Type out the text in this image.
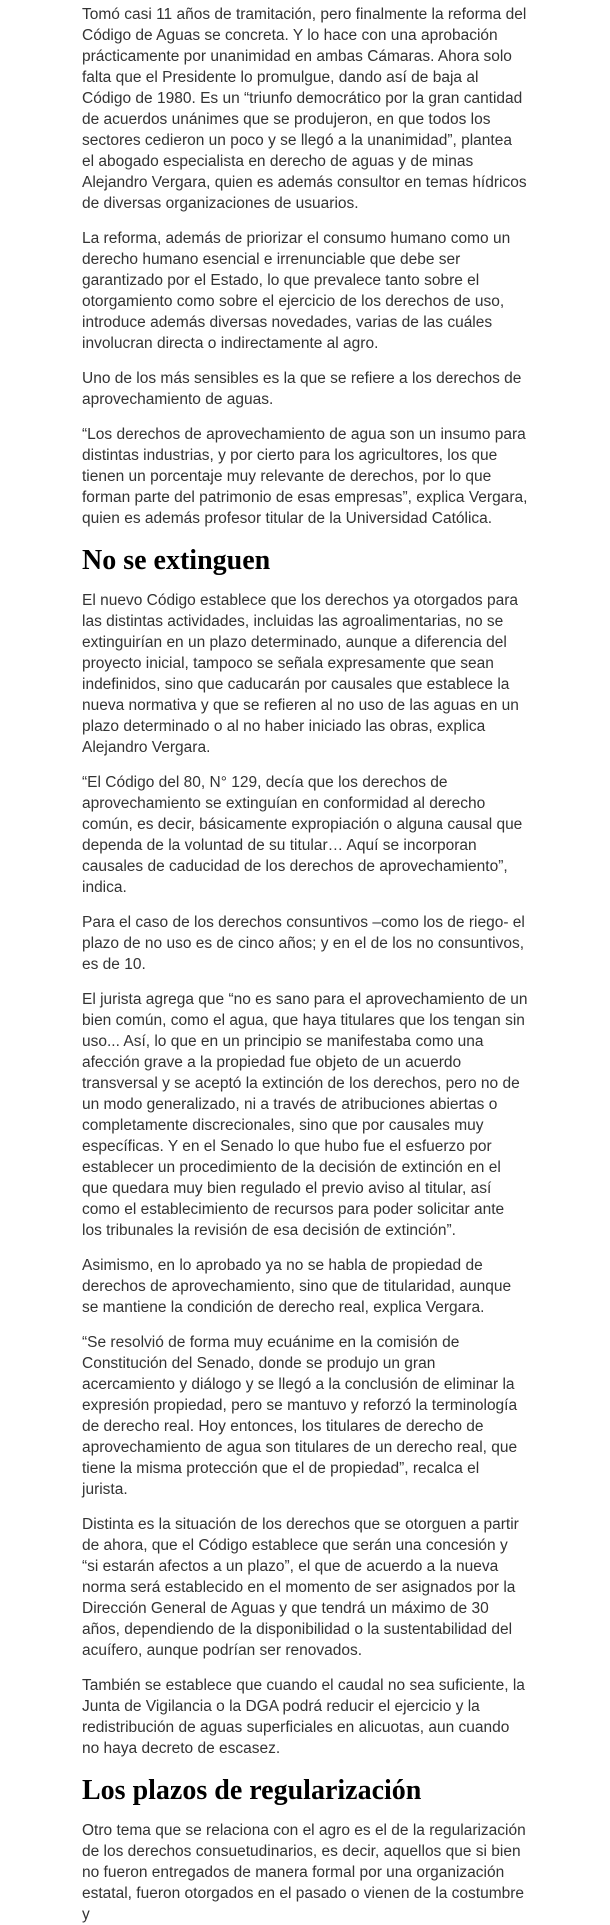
Tomó casi 11 años de tramitación, pero finalmente la reforma del Código de Aguas se concreta. Y lo hace con una aprobación prácticamente por unanimidad en ambas Cámaras. Ahora solo falta que el Presidente lo promulgue, dando así de baja al Código de 1980. Es un “triunfo democrático por la gran cantidad de acuerdos unánimes que se produjeron, en que todos los sectores cedieron un poco y se llegó a la unanimidad”, plantea el abogado especialista en derecho de aguas y de minas Alejandro Vergara, quien es además consultor en temas hídricos de diversas organizaciones de usuarios.

La reforma, además de priorizar el consumo humano como un derecho humano esencial e irrenunciable que debe ser garantizado por el Estado, lo que prevalece tanto sobre el otorgamiento como sobre el ejercicio de los derechos de uso, introduce además diversas novedades, varias de las cuáles involucran directa o indirectamente al agro.

Uno de los más sensibles es la que se refiere a los derechos de aprovechamiento de aguas.

“Los derechos de aprovechamiento de agua son un insumo para distintas industrias, y por cierto para los agricultores, los que tienen un porcentaje muy relevante de derechos, por lo que forman parte del patrimonio de esas empresas”, explica Vergara, quien es además profesor titular de la Universidad Católica.

No se extinguen

El nuevo Código establece que los derechos ya otorgados para las distintas actividades, incluidas las agroalimentarias, no se extinguirían en un plazo determinado, aunque a diferencia del proyecto inicial, tampoco se señala expresamente que sean indefinidos, sino que caducarán por causales que establece la nueva normativa y que se refieren al no uso de las aguas en un plazo determinado o al no haber iniciado las obras, explica Alejandro Vergara.

“El Código del 80, N° 129, decía que los derechos de aprovechamiento se extinguían en conformidad al derecho común, es decir, básicamente expropiación o alguna causal que dependa de la voluntad de su titular… Aquí se incorporan causales de caducidad de los derechos de aprovechamiento”, indica.

Para el caso de los derechos consuntivos –como los de riego- el plazo de no uso es de cinco años; y en el de los no consuntivos, es de 10.

El jurista agrega que “no es sano para el aprovechamiento de un bien común, como el agua, que haya titulares que los tengan sin uso... Así, lo que en un principio se manifestaba como una afección grave a la propiedad fue objeto de un acuerdo transversal y se aceptó la extinción de los derechos, pero no de un modo generalizado, ni a través de atribuciones abiertas o completamente discrecionales, sino que por causales muy específicas. Y en el Senado lo que hubo fue el esfuerzo por establecer un procedimiento de la decisión de extinción en el que quedara muy bien regulado el previo aviso al titular, así como el establecimiento de recursos para poder solicitar ante los tribunales la revisión de esa decisión de extinción”.

Asimismo, en lo aprobado ya no se habla de propiedad de derechos de aprovechamiento, sino que de titularidad, aunque se mantiene la condición de derecho real, explica Vergara.

“Se resolvió de forma muy ecuánime en la comisión de Constitución del Senado, donde se produjo un gran acercamiento y diálogo y se llegó a la conclusión de eliminar la expresión propiedad, pero se mantuvo y reforzó la terminología de derecho real. Hoy entonces, los titulares de derecho de aprovechamiento de agua son titulares de un derecho real, que tiene la misma protección que el de propiedad”, recalca el jurista.

Distinta es la situación de los derechos que se otorguen a partir de ahora, que el Código establece que serán una concesión y “si estarán afectos a un plazo”, el que de acuerdo a la nueva norma será establecido en el momento de ser asignados por la Dirección General de Aguas y que tendrá un máximo de 30 años, dependiendo de la disponibilidad o la sustentabilidad del acuífero, aunque podrían ser renovados.

También se establece que cuando el caudal no sea suficiente, la Junta de Vigilancia o la DGA podrá reducir el ejercicio y la redistribución de aguas superficiales en alicuotas, aun cuando no haya decreto de escasez.

Los plazos de regularización

Otro tema que se relaciona con el agro es el de la regularización de los derechos consuetudinarios, es decir, aquellos que si bien no fueron entregados de manera formal por una organización estatal, fueron otorgados en el pasado o vienen de la costumbre y
